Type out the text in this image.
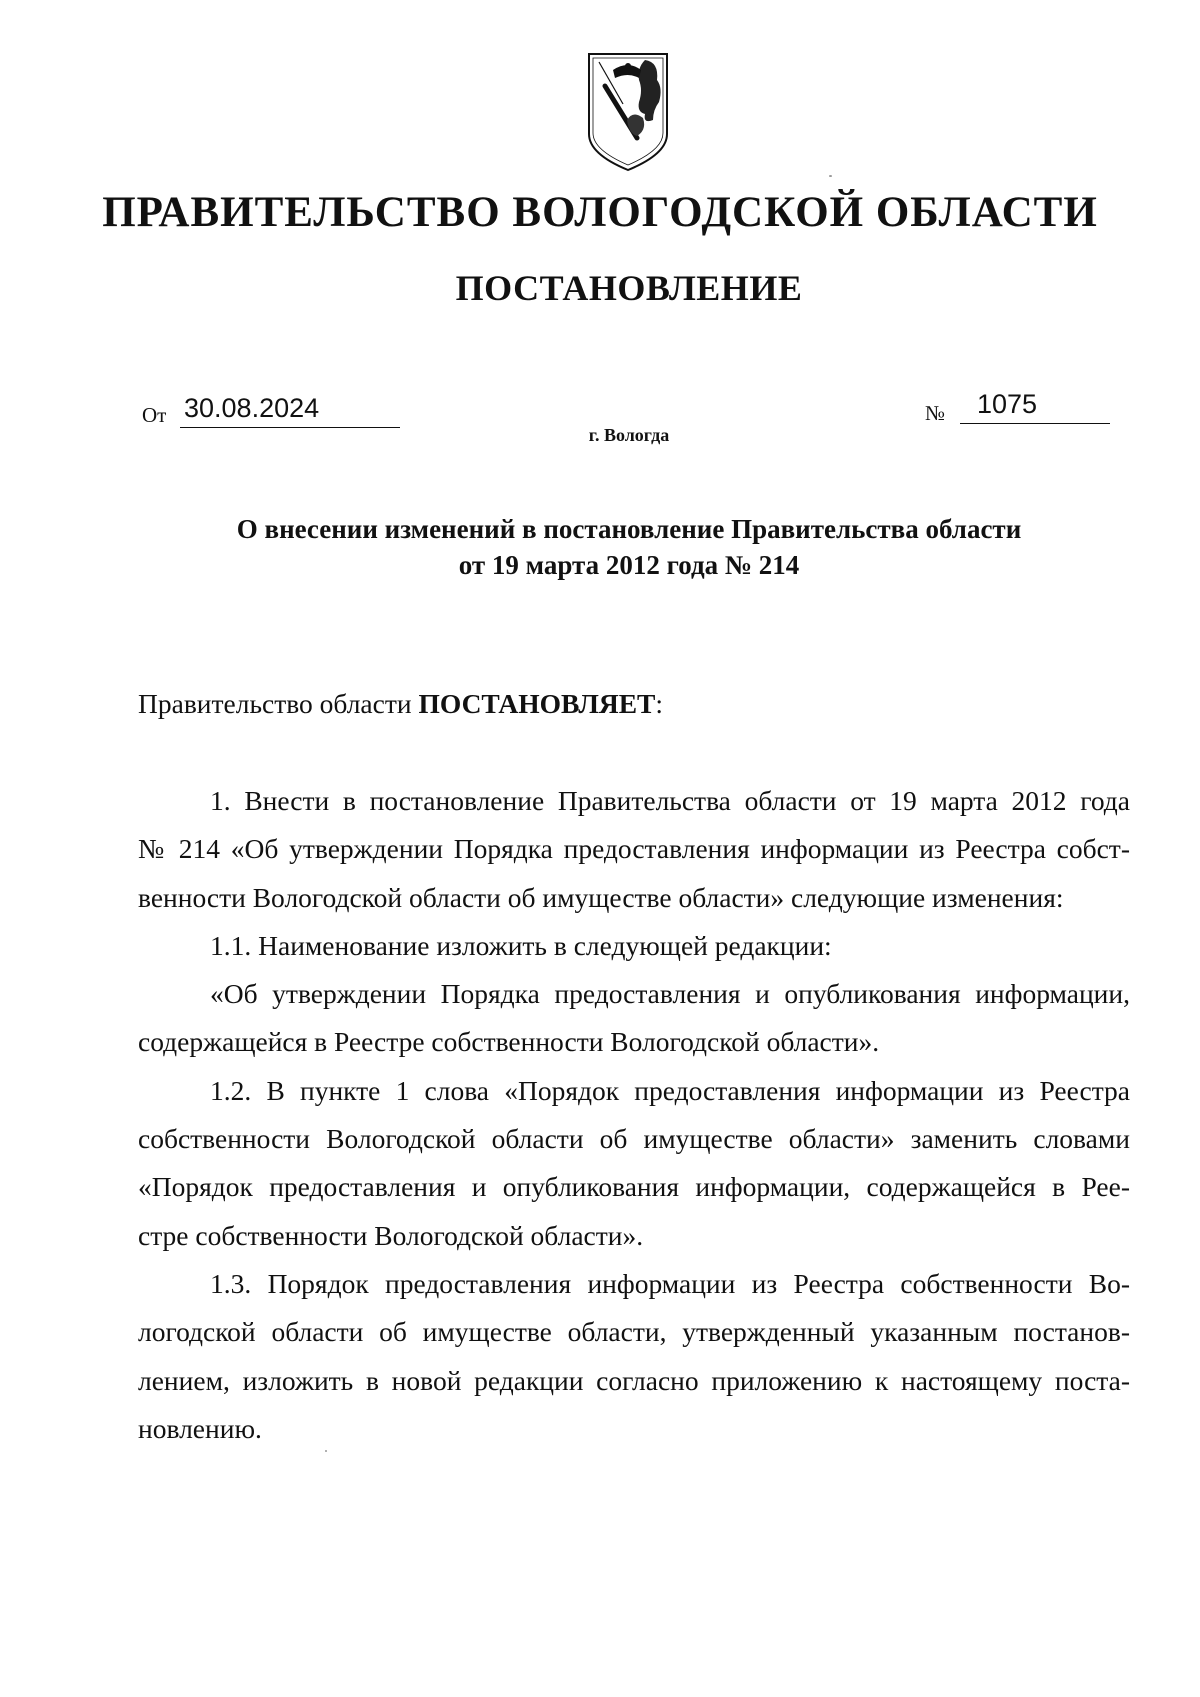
ПРАВИТЕЛЬСТВО ВОЛОГОДСКОЙ ОБЛАСТИ
ПОСТАНОВЛЕНИЕ
От 30.08.2024	№ 1075
г. Вологда
О внесении изменений в постановление Правительства области
от 19 марта 2012 года № 214
Правительство области ПОСТАНОВЛЯЕТ:

1. Внести в постановление Правительства области от 19 марта 2012 года
№ 214 «Об утверждении Порядка предоставления информации из Реестра собст-
венности Вологодской области об имуществе области» следующие изменения:

1.1. Наименование изложить в следующей редакции:

«Об утверждении Порядка предоставления и опубликования информации,
содержащейся в Реестре собственности Вологодской области».

1.2. В пункте 1 слова «Порядок предоставления информации из Реестра
собственности Вологодской области об имуществе области» заменить словами
«Порядок предоставления и опубликования информации, содержащейся в Рее-
стре собственности Вологодской области».

1.3. Порядок предоставления информации из Реестра собственности Во-
логодской области об имуществе области, утвержденный указанным постанов-
лением, изложить в новой редакции согласно приложению к настоящему поста-
новлению.
